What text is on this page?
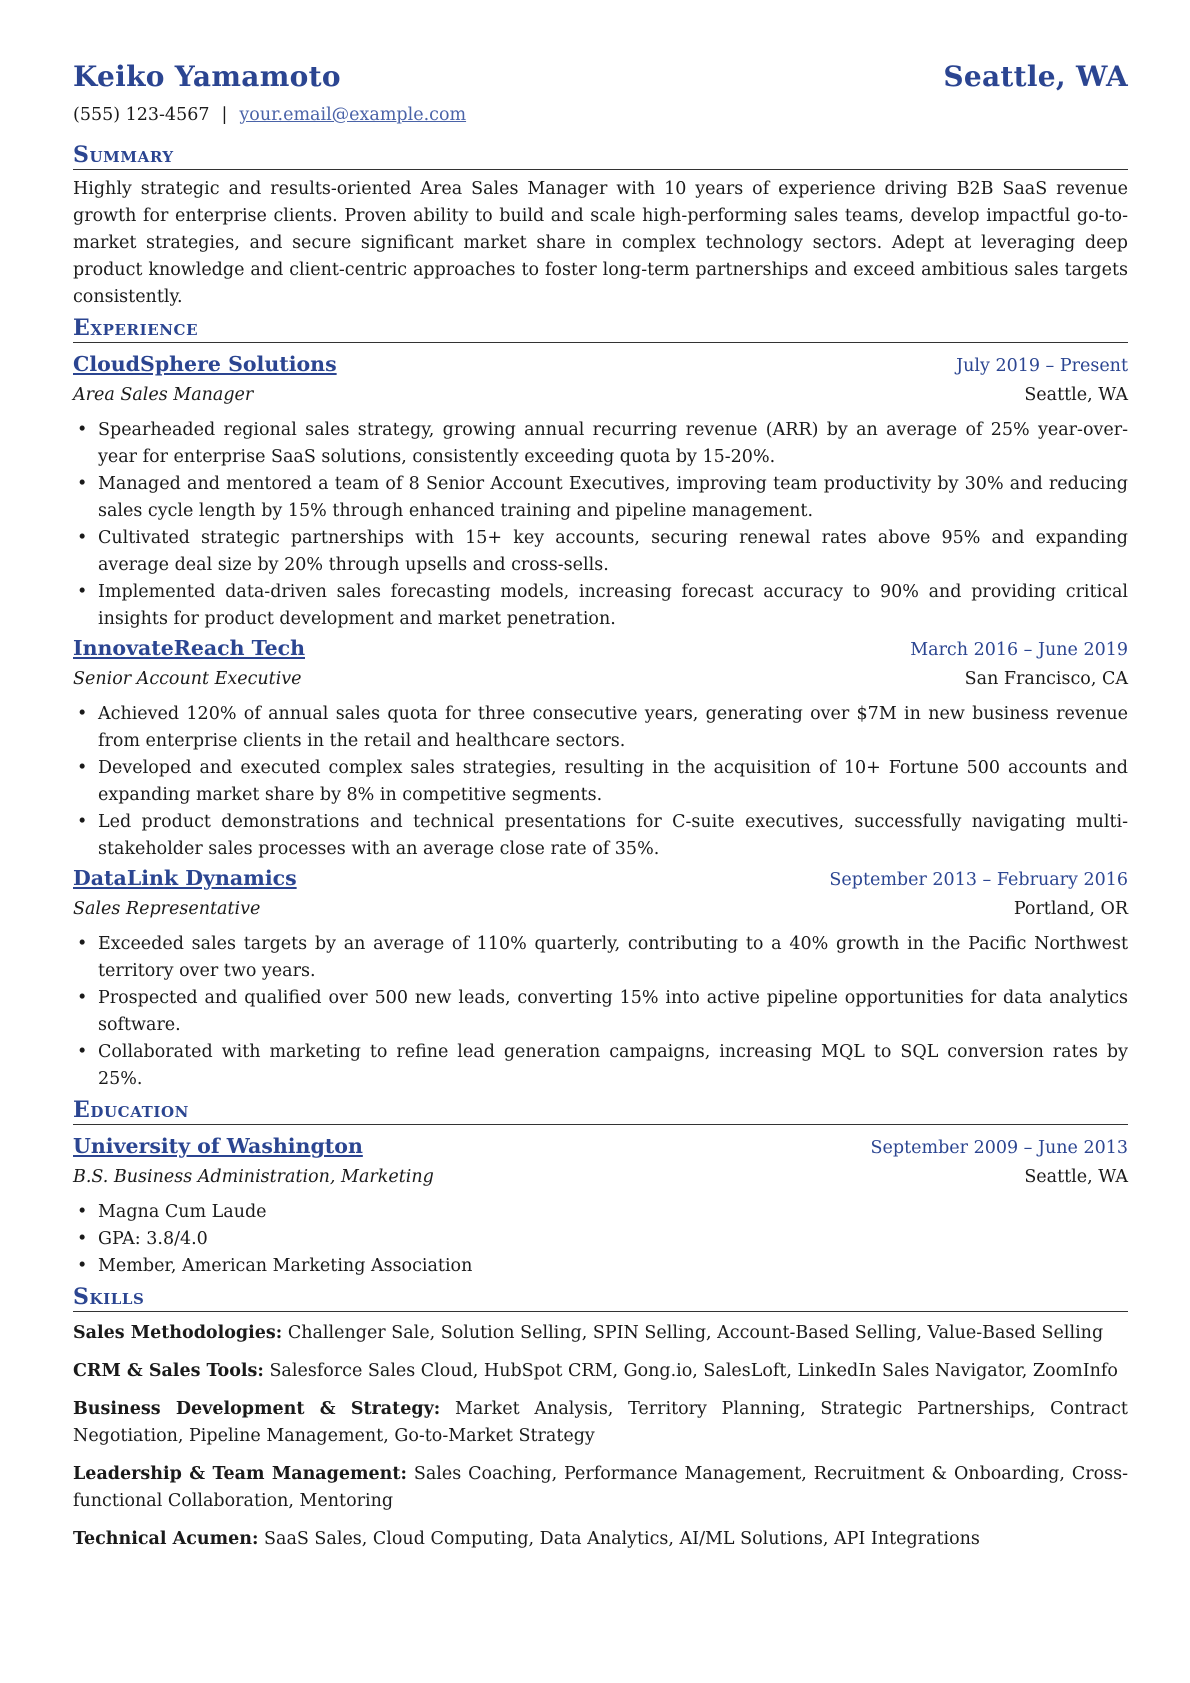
Keiko Yamamoto	Seattle, WA
(555) 123-4567 | your.email@example.com
Summary
Highly strategic and results-oriented Area Sales Manager with 10 years of experience driving B2B SaaS revenue growth for enterprise clients. Proven ability to build and scale high-performing sales teams, develop impactful go-to-market strategies, and secure significant market share in complex technology sectors. Adept at leveraging deep product knowledge and client-centric approaches to foster long-term partnerships and exceed ambitious sales targets consistently.
Experience
CloudSphere Solutions	July 2019 – Present
Area Sales Manager	Seattle, WA
• Spearheaded regional sales strategy, growing annual recurring revenue (ARR) by an average of 25% year-over-year for enterprise SaaS solutions, consistently exceeding quota by 15-20%.
• Managed and mentored a team of 8 Senior Account Executives, improving team productivity by 30% and reducing sales cycle length by 15% through enhanced training and pipeline management.
• Cultivated strategic partnerships with 15+ key accounts, securing renewal rates above 95% and expanding average deal size by 20% through upsells and cross-sells.
• Implemented data-driven sales forecasting models, increasing forecast accuracy to 90% and providing critical insights for product development and market penetration.
InnovateReach Tech	March 2016 – June 2019
Senior Account Executive	San Francisco, CA
• Achieved 120% of annual sales quota for three consecutive years, generating over $7M in new business revenue from enterprise clients in the retail and healthcare sectors.
• Developed and executed complex sales strategies, resulting in the acquisition of 10+ Fortune 500 accounts and expanding market share by 8% in competitive segments.
• Led product demonstrations and technical presentations for C-suite executives, successfully navigating multi-stakeholder sales processes with an average close rate of 35%.
DataLink Dynamics	September 2013 – February 2016
Sales Representative	Portland, OR
• Exceeded sales targets by an average of 110% quarterly, contributing to a 40% growth in the Pacific Northwest territory over two years.
• Prospected and qualified over 500 new leads, converting 15% into active pipeline opportunities for data analytics software.
• Collaborated with marketing to refine lead generation campaigns, increasing MQL to SQL conversion rates by 25%.
Education
University of Washington	September 2009 – June 2013
B.S. Business Administration, Marketing	Seattle, WA
• Magna Cum Laude
• GPA: 3.8/4.0
• Member, American Marketing Association
Skills
Sales Methodologies: Challenger Sale, Solution Selling, SPIN Selling, Account-Based Selling, Value-Based Selling
CRM & Sales Tools: Salesforce Sales Cloud, HubSpot CRM, Gong.io, SalesLoft, LinkedIn Sales Navigator, ZoomInfo
Business Development & Strategy: Market Analysis, Territory Planning, Strategic Partnerships, Contract Negotiation, Pipeline Management, Go-to-Market Strategy
Leadership & Team Management: Sales Coaching, Performance Management, Recruitment & Onboarding, Cross-functional Collaboration, Mentoring
Technical Acumen: SaaS Sales, Cloud Computing, Data Analytics, AI/ML Solutions, API Integrations
